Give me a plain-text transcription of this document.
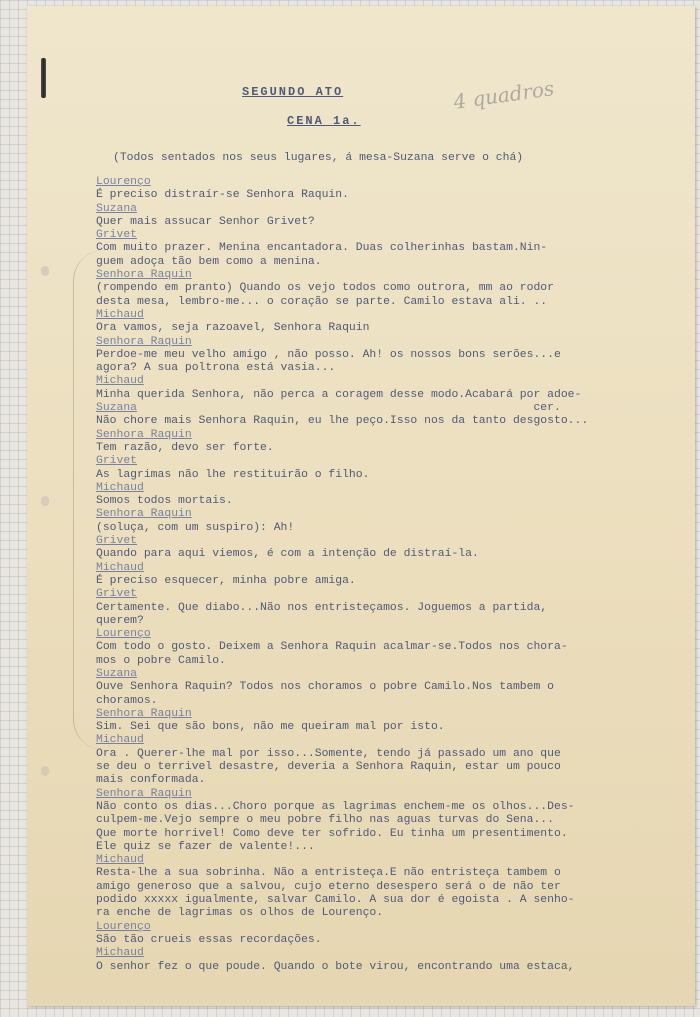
SEGUNDO ATO	4 quadros
CENA 1a.
(Todos sentados nos seus lugares, á mesa-Suzana serve o chá)
Lourenço
É preciso distraír-se Senhora Raquin.
Suzana
Quer mais assucar Senhor Grivet?
Grivet
Com muito prazer. Menina encantadora. Duas colherinhas bastam.Nin-
guem adoça tão bem como a menina.
Senhora Raquin
(rompendo em pranto) Quando os vejo todos como outrora, mm ao rodor
desta mesa, lembro-me... o coração se parte. Camilo estava ali. ..
Michaud
Ora vamos, seja razoavel, Senhora Raquin
Senhora Raquin
Perdoe-me meu velho amigo , não posso. Ah! os nossos bons serões...e
agora? A sua poltrona está vasia...
Michaud
Minha querida Senhora, não perca a coragem desse modo.Acabará por adoe-
Suzana                                                          cer.
Não chore mais Senhora Raquin, eu lhe peço.Isso nos da tanto desgosto...
Senhora Raquin
Tem razão, devo ser forte.
Grivet
As lagrimas não lhe restituirão o filho.
Michaud
Somos todos mortais.
Senhora Raquin
(soluça, com um suspiro): Ah!
Grivet
Quando para aqui viemos, é com a intenção de distraí-la.
Michaud
É preciso esquecer, minha pobre amiga.
Grivet
Certamente. Que diabo...Não nos entristeçamos. Joguemos a partida,
querem?
Lourenço
Com todo o gosto. Deixem a Senhora Raquin acalmar-se.Todos nos chora-
mos o pobre Camilo.
Suzana
Ouve Senhora Raquin? Todos nos choramos o pobre Camilo.Nos tambem o
choramos.
Senhora Raquin
Sim. Sei que são bons, não me queiram mal por isto.
Michaud
Ora . Querer-lhe mal por isso...Somente, tendo já passado um ano que
se deu o terrivel desastre, deveria a Senhora Raquin, estar um pouco
mais conformada.
Senhora Raquin
Não conto os dias...Choro porque as lagrimas enchem-me os olhos...Des-
culpem-me.Vejo sempre o meu pobre filho nas aguas turvas do Sena...
Que morte horrivel! Como deve ter sofrido. Eu tinha um presentimento.
Ele quiz se fazer de valente!...
Michaud
Resta-lhe a sua sobrinha. Não a entristeça.E não entristeça tambem o
amigo generoso que a salvou, cujo eterno desespero será o de não ter
podido xxxxx igualmente, salvar Camilo. A sua dor é egoista . A senho-
ra enche de lagrimas os olhos de Lourenço.
Lourenço
São tão crueis essas recordações.
Michaud
O senhor fez o que poude. Quando o bote virou, encontrando uma estaca,
